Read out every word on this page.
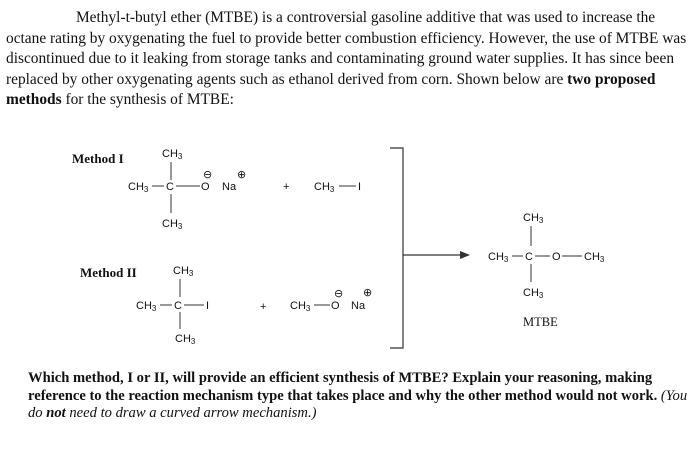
Methyl-t-butyl ether (MTBE) is a controversial gasoline additive that was used to increase the octane rating by oxygenating the fuel to provide better combustion efficiency. However, the use of MTBE was discontinued due to it leaking from storage tanks and contaminating ground water supplies. It has since been replaced by other oxygenating agents such as ethanol derived from corn. Shown below are two proposed methods for the synthesis of MTBE:

Method I	CH3
CH3 C O
⊖
Na
⊕
CH3
+ CH3 I
Method II	CH3
CH3 C I
CH3
+ CH3 O
⊖
Na
⊕
CH3
CH3 C O CH3
CH3
MTBE

Which method, I or II, will provide an efficient synthesis of MTBE? Explain your reasoning, making reference to the reaction mechanism type that takes place and why the other method would not work. (You do not need to draw a curved arrow mechanism.)
